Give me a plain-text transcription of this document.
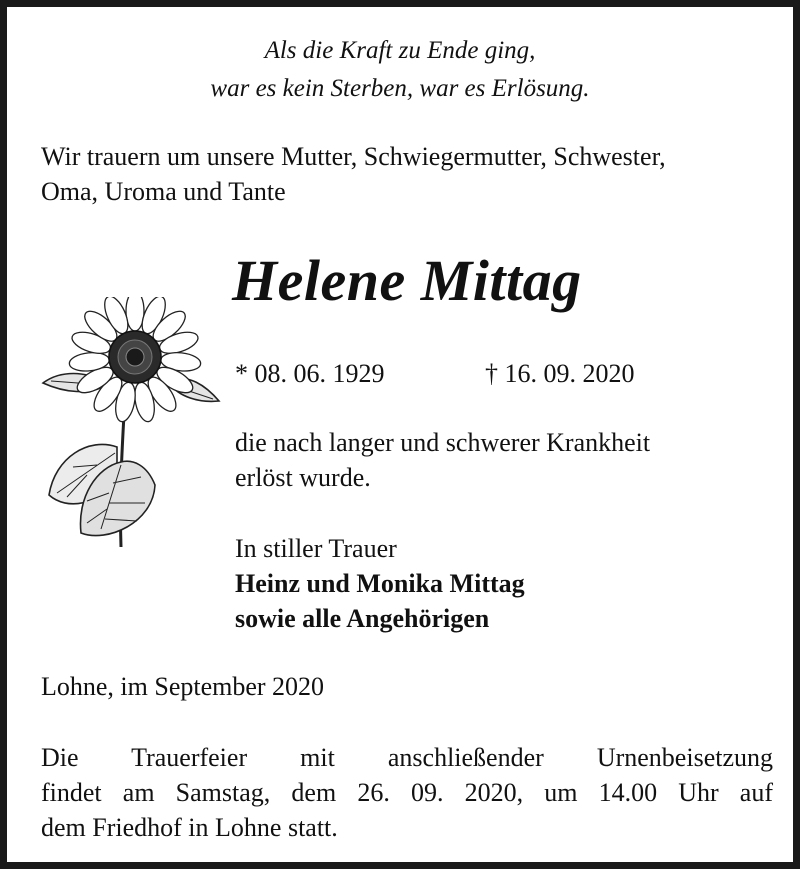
Als die Kraft zu Ende ging,

war es kein Sterben, war es Erlösung.

Wir trauern um unsere Mutter, Schwiegermutter, Schwester,

Oma, Uroma und Tante

Helene Mittag

* 08. 06. 1929	† 16. 09. 2020

die nach langer und schwerer Krankheit

erlöst wurde.

In stiller Trauer

Heinz und Monika Mittag

sowie alle Angehörigen

Lohne, im September 2020

Die Trauerfeier mit anschließender Urnenbeisetzung

findet am Samstag, dem 26. 09. 2020, um 14.00 Uhr auf

dem Friedhof in Lohne statt.
